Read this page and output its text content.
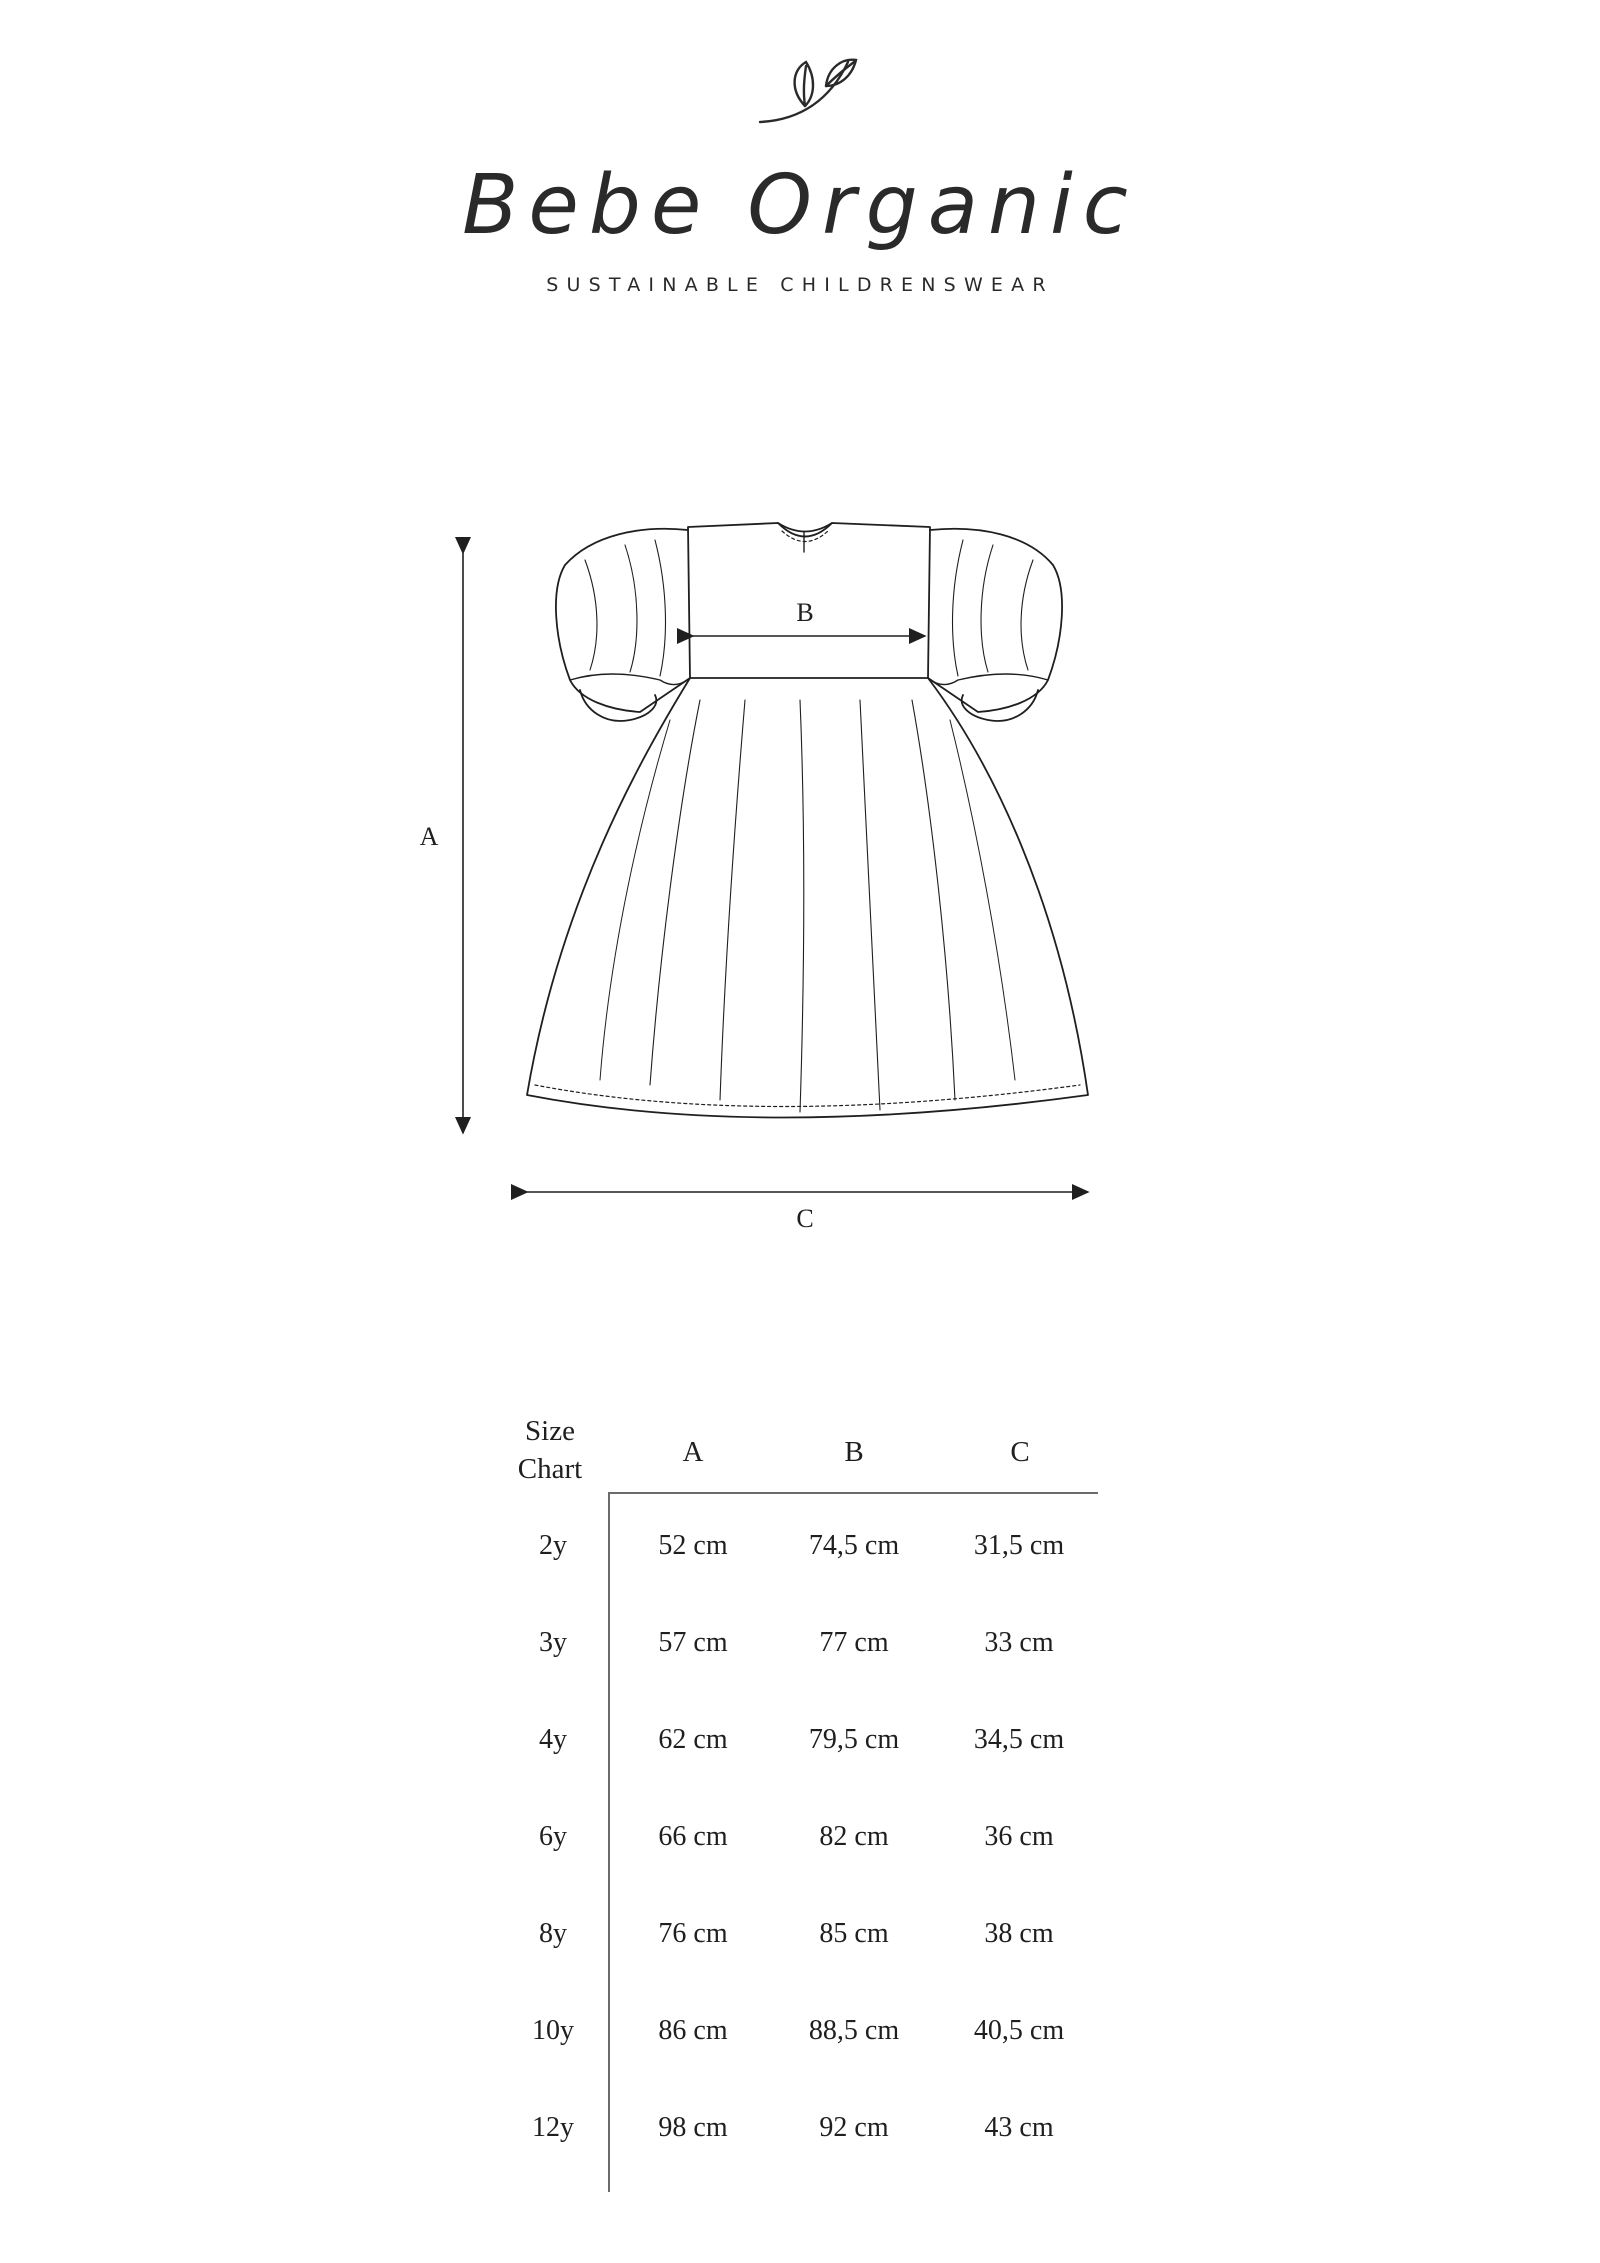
Bebe Organic
SUSTAINABLE CHILDRENSWEAR
A
B
C
Size
Chart
A	B	C
2y	52 cm	74,5 cm	31,5 cm
3y	57 cm	77 cm	33 cm
4y	62 cm	79,5 cm	34,5 cm
6y	66 cm	82 cm	36 cm
8y	76 cm	85 cm	38 cm
10y	86 cm	88,5 cm	40,5 cm
12y	98 cm	92 cm	43 cm
